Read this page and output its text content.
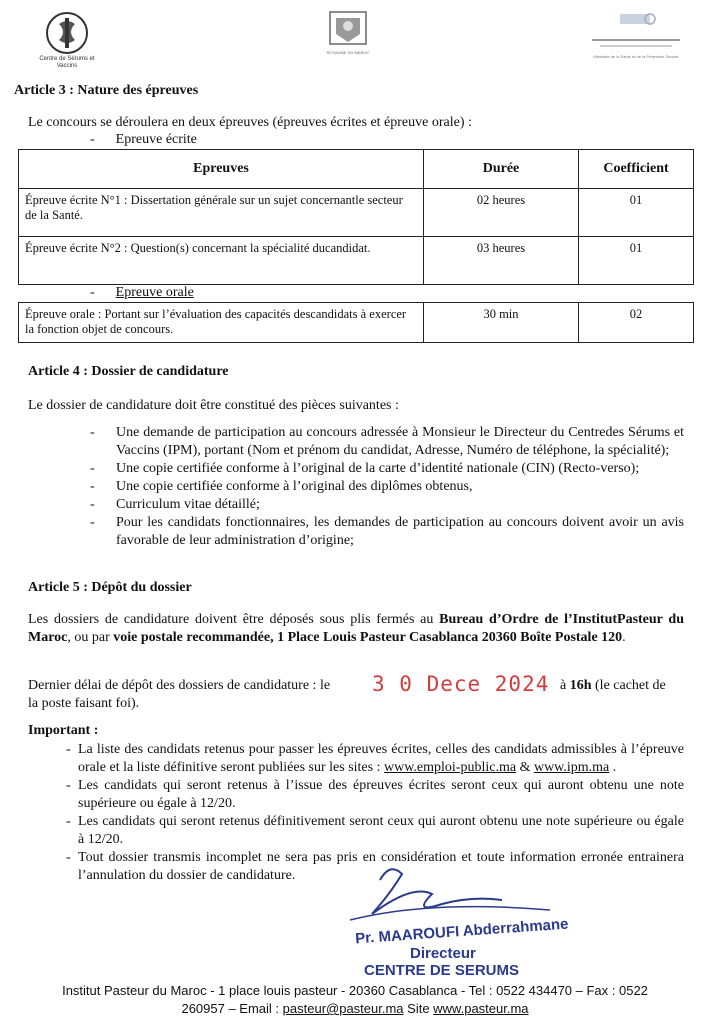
Centre de Sérums et Vaccins
ROYAUME DU MAROC
Ministère de la Santé et de la Protection Sociale
Article 3 : Nature des épreuves
Le concours se déroulera en deux épreuves (épreuves écrites et épreuve orale) :
-      Epreuve écrite
Epreuves	Durée	Coefficient
Épreuve écrite N°1 : Dissertation générale sur un sujet concernantle secteur de la Santé.	02 heures	01
Épreuve écrite N°2 : Question(s) concernant la spécialité ducandidat.	03 heures	01
-      Epreuve orale
Épreuve orale : Portant sur l’évaluation des capacités descandidats à exercer la fonction objet de concours.	30 min	02
Article 4 : Dossier de candidature
Le dossier de candidature doit être constitué des pièces suivantes :
- Une demande de participation au concours adressée à Monsieur le Directeur du Centredes Sérums et Vaccins (IPM), portant (Nom et prénom du candidat, Adresse, Numéro de téléphone, la spécialité);
- Une copie certifiée conforme à l’original de la carte d’identité nationale (CIN) (Recto-verso);
- Une copie certifiée conforme à l’original des diplômes obtenus,
- Curriculum vitae détaillé;
- Pour les candidats fonctionnaires, les demandes de participation au concours doivent avoir un avis favorable de leur administration d’origine;
Article 5 : Dépôt du dossier
Les dossiers de candidature doivent être déposés sous plis fermés au Bureau d’Ordre de l’InstitutPasteur du Maroc, ou par voie postale recommandée, 1 Place Louis Pasteur Casablanca 20360 Boîte Postale 120.
Dernier délai de dépôt des dossiers de candidature : le 3 0 Dece 2024 à 16h (le cachet de
la poste faisant foi).
Important :
- La liste des candidats retenus pour passer les épreuves écrites, celles des candidats admissibles à l’épreuve orale et la liste définitive seront publiées sur les sites : www.emploi-public.ma & www.ipm.ma .
- Les candidats qui seront retenus à l’issue des épreuves écrites seront ceux qui auront obtenu une note supérieure ou égale à 12/20.
- Les candidats qui seront retenus définitivement seront ceux qui auront obtenu une note supérieure ou égale à 12/20.
- Tout dossier transmis incomplet ne sera pas pris en considération et toute information erronée entrainera l’annulation du dossier de candidature.
Pr. MAAROUFI Abderrahmane
Directeur
CENTRE DE SERUMS
Institut Pasteur du Maroc - 1 place louis pasteur - 20360 Casablanca - Tel : 0522 434470 – Fax : 0522
260957 – Email : pasteur@pasteur.ma Site www.pasteur.ma
